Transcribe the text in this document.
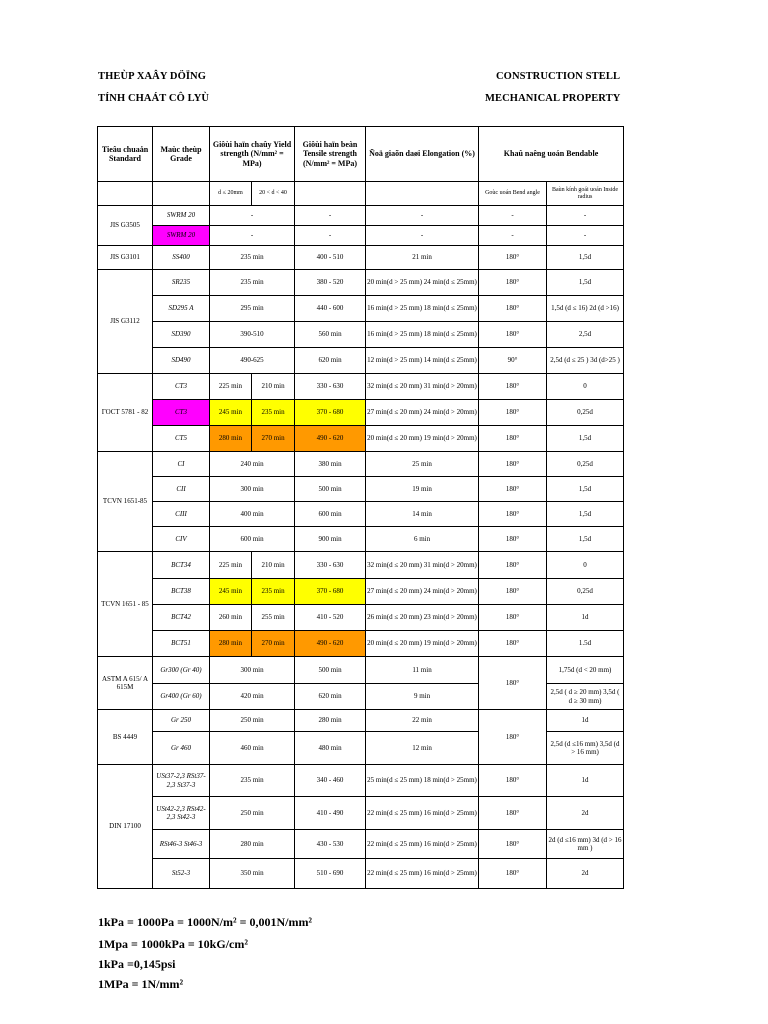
THEÙP XAÂY DÖÏNG	CONSTRUCTION STELL
TÍNH CHAÁT CÔ LYÙ	MECHANICAL PROPERTY
Tieâu chuaån Standard	Maùc theùp Grade	Giôùi haïn chaûy Yield strength (N/mm² = MPa)		Giôùi haïn beàn Tensile strength (N/mm² = MPa)	Ñoä giaõn daøi Elongation (%)	Khaû naêng uoán Bendable	
		d ≤ 20mm	20 < d < 40			Goùc uoán Bend angle	Baùn kính goái uoán Inside radius
JIS G3505	SWRM 20	-		-	-	-	-
	SWRM 20	-		-	-	-	-
JIS G3101	SS400	235 min		400 - 510	21 min	180°	1,5d
JIS G3112	SR235	235 min		380 - 520	20 min(d > 25 mm) 24 min(d ≤ 25mm)	180°	1,5d
	SD295 A	295 min		440 - 600	16 min(d > 25 mm) 18 min(d ≤ 25mm)	180°	1,5d (d ≤ 16) 2d (d >16)
	SD390	390-510		560 min	16 min(d > 25 mm) 18 min(d ≤ 25mm)	180°	2,5d
	SD490	490-625		620 min	12 min(d > 25 mm) 14 min(d ≤ 25mm)	90°	2,5d (d ≤ 25 ) 3d (d>25 )
ГОСТ 5781 - 82	CT3	225 min	210 min	330 - 630	32 min(d ≤ 20 mm) 31 min(d > 20mm)	180°	0
	CT3	245 min	235 min	370 - 680	27 min(d ≤ 20 mm) 24 min(d > 20mm)	180°	0,25d
	CT5	280 min	270 min	490 - 620	20 min(d ≤ 20 mm) 19 min(d > 20mm)	180°	1,5d
TCVN 1651-85	CI	240 min		380 min	25 min	180°	0,25d
	CII	300 min		500 min	19 min	180°	1,5d
	CIII	400 min		600 min	14 min	180°	1,5d
	CIV	600 min		900 min	6 min	180°	1,5d
TCVN 1651 - 85	BCT34	225 min	210 min	330 - 630	32 min(d ≤ 20 mm) 31 min(d > 20mm)	180°	0
	BCT38	245 min	235 min	370 - 680	27 min(d ≤ 20 mm) 24 min(d > 20mm)	180°	0,25d
	BCT42	260 min	255 min	410 - 520	26 min(d ≤ 20 mm) 23 min(d > 20mm)	180°	1d
	BCT51	280 min	270 min	490 - 620	20 min(d ≤ 20 mm) 19 min(d > 20mm)	180°	1.5d
ASTM A 615/ A 615M	Gr300 (Gr 40)	300 min		500 min	11 min	180°	1,75d (d < 20 mm)
	Gr400 (Gr 60)	420 min		620 min	9 min		2,5d ( d ≥ 20 mm) 3,5d ( d ≥ 30 mm)
BS 4449	Gr 250	250 min		280 min	22 min	180°	1d
	Gr 460	460 min		480 min	12 min		2,5d (d ≤16 mm) 3,5d (d > 16 mm)
DIN 17100	USt37-2,3 RSt37-2,3 St37-3	235 min		340 - 460	25 min(d ≤ 25 mm) 18 min(d > 25mm)	180°	1d
	USt42-2,3 RSt42-2,3 St42-3	250 min		410 - 490	22 min(d ≤ 25 mm) 16 min(d > 25mm)	180°	2d
	RSt46-3 St46-3	280 min		430 - 530	22 min(d ≤ 25 mm) 16 min(d > 25mm)	180°	2d (d ≤16 mm) 3d (d > 16 mm )
	St52-3	350 min		510 - 690	22 min(d ≤ 25 mm) 16 min(d > 25mm)	180°	2d
1kPa = 1000Pa = 1000N/m² = 0,001N/mm²
1Mpa = 1000kPa = 10kG/cm²
1kPa =0,145psi
1MPa = 1N/mm²
